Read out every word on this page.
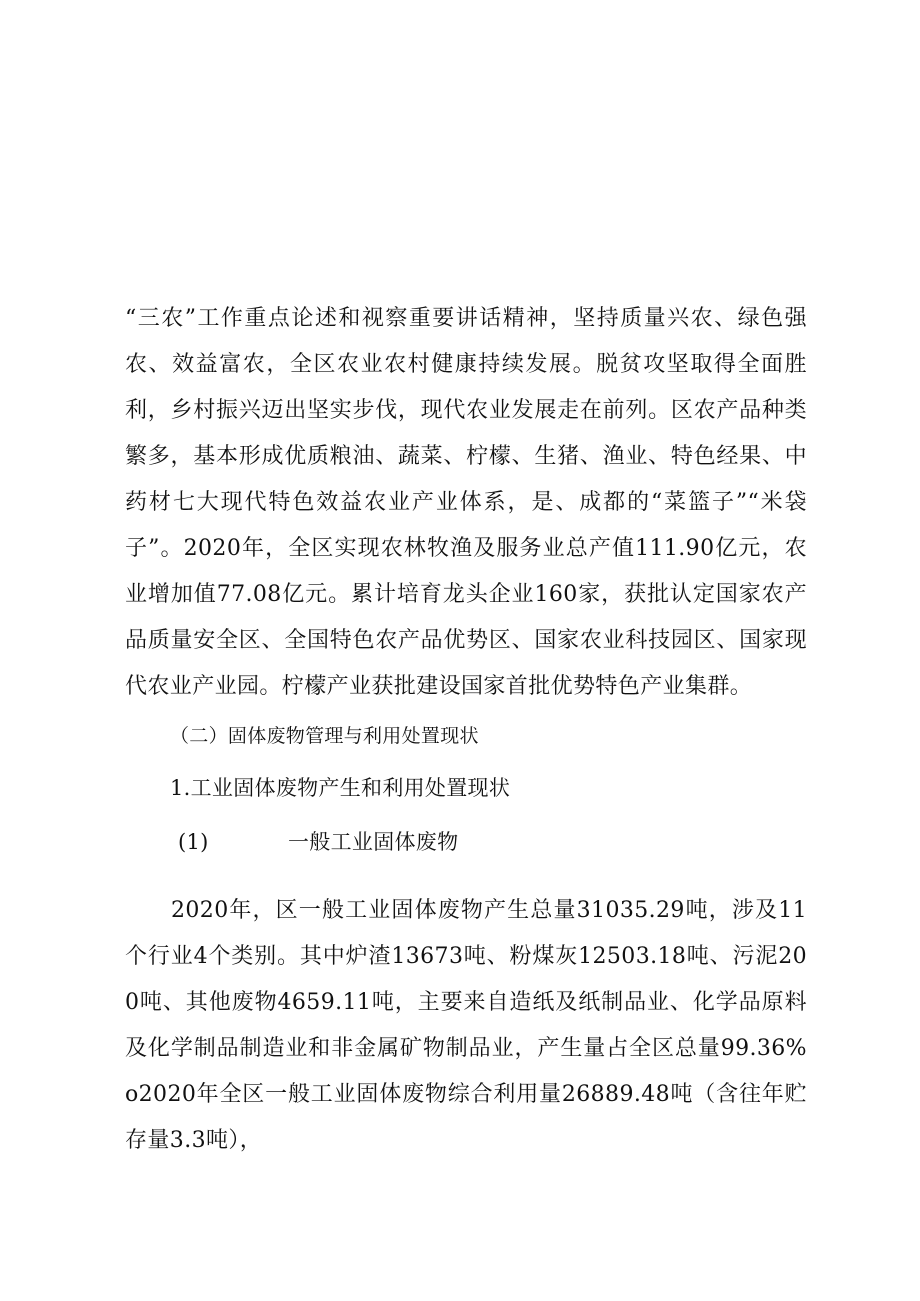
“三农”工作重点论述和视察重要讲话精神，坚持质量兴农、绿色强农、效益富农，全区农业农村健康持续发展。脱贫攻坚取得全面胜利，乡村振兴迈出坚实步伐，现代农业发展走在前列。区农产品种类繁多，基本形成优质粮油、蔬菜、柠檬、生猪、渔业、特色经果、中药材七大现代特色效益农业产业体系，是、成都的“菜篮子”“米袋子”。2020年，全区实现农林牧渔及服务业总产值111.90亿元，农业增加值77.08亿元。累计培育龙头企业160家，获批认定国家农产品质量安全区、全国特色农产品优势区、国家农业科技园区、国家现代农业产业园。柠檬产业获批建设国家首批优势特色产业集群。

（二）固体废物管理与利用处置现状
1.工业固体废物产生和利用处置现状
(1)	一般工业固体废物

2020年，区一般工业固体废物产生总量31035.29吨，涉及11个行业4个类别。其中炉渣13673吨、粉煤灰12503.18吨、污泥200吨、其他废物4659.11吨，主要来自造纸及纸制品业、化学品原料及化学制品制造业和非金属矿物制品业，产生量占全区总量99.36%o2020年全区一般工业固体废物综合利用量26889.48吨（含往年贮存量3.3吨），
